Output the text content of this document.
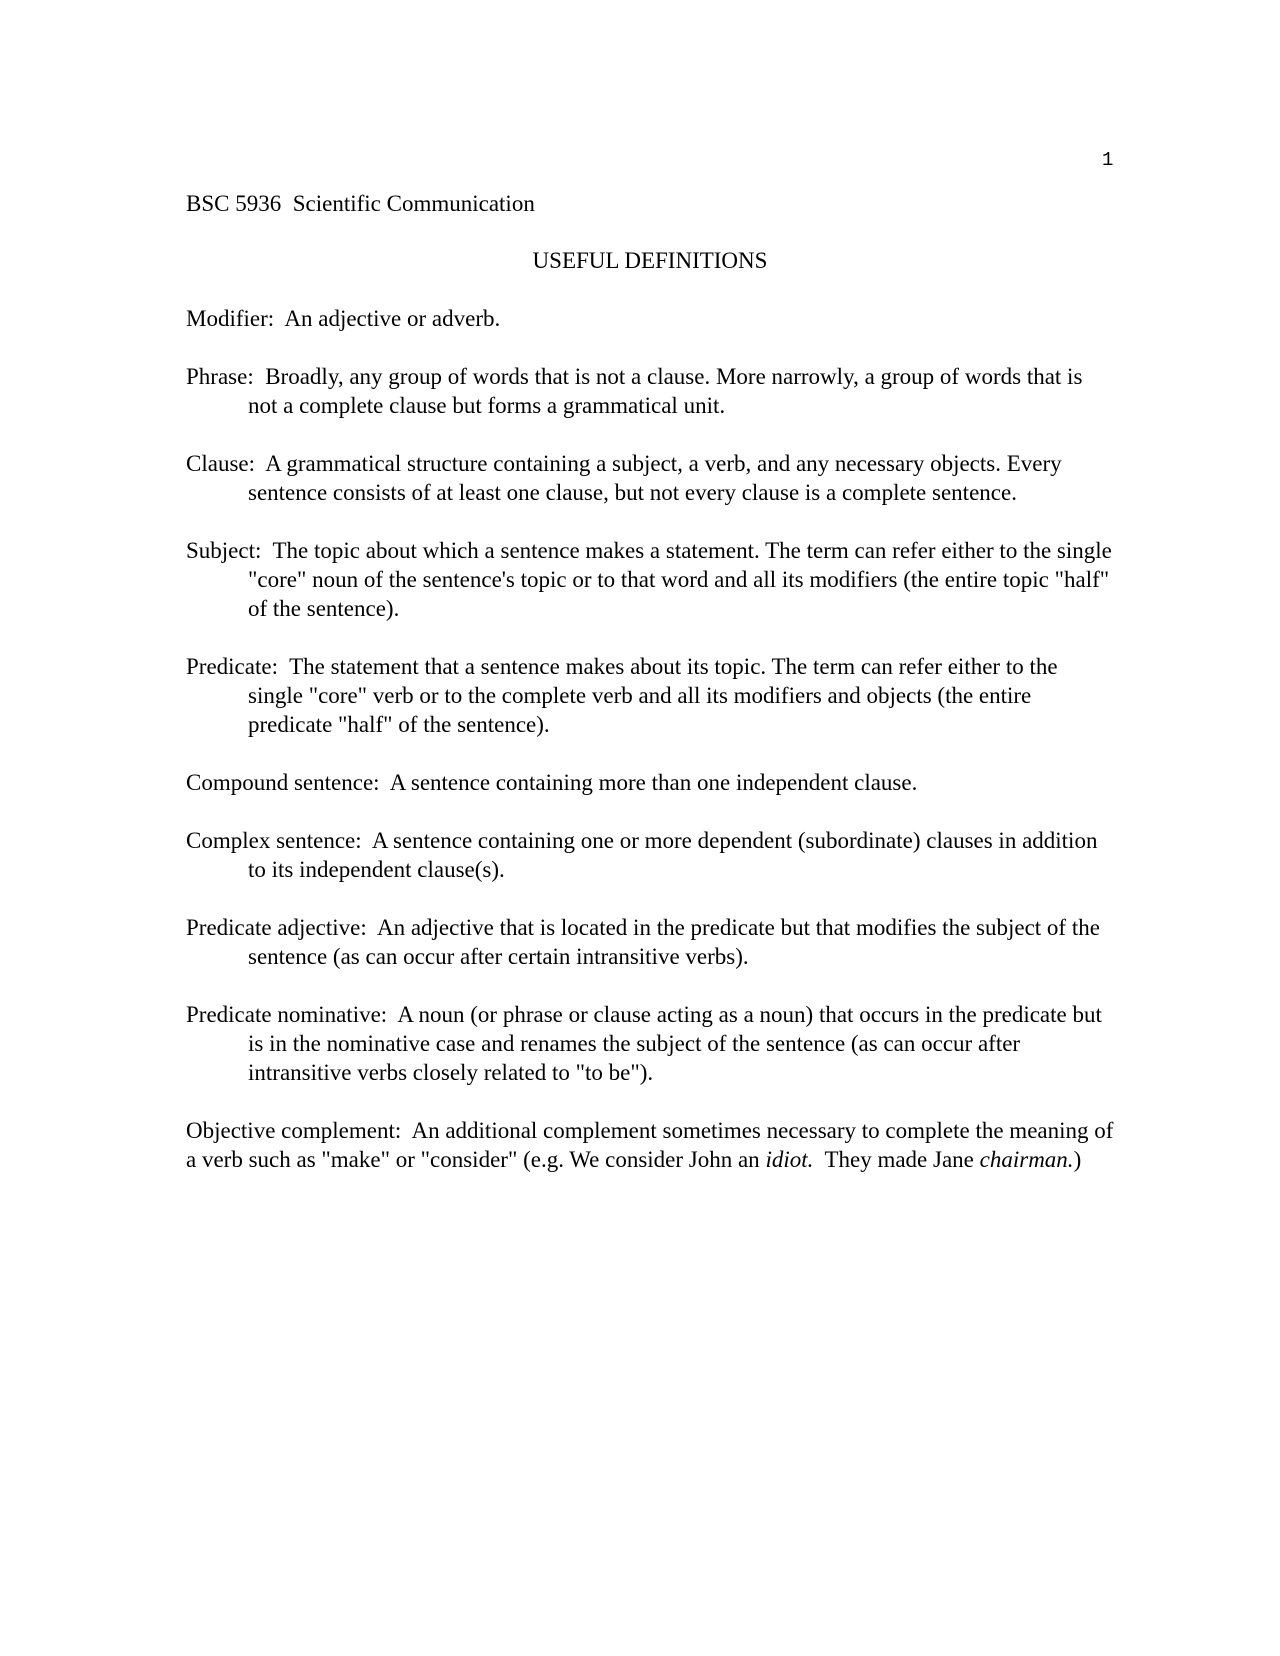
1
BSC 5936  Scientific Communication
USEFUL DEFINITIONS

Modifier: An adjective or adverb.

Phrase: Broadly, any group of words that is not a clause. More narrowly, a group of words that is not a complete clause but forms a grammatical unit.

Clause: A grammatical structure containing a subject, a verb, and any necessary objects. Every sentence consists of at least one clause, but not every clause is a complete sentence.

Subject: The topic about which a sentence makes a statement. The term can refer either to the single "core" noun of the sentence's topic or to that word and all its modifiers (the entire topic "half" of the sentence).

Predicate: The statement that a sentence makes about its topic. The term can refer either to the single "core" verb or to the complete verb and all its modifiers and objects (the entire predicate "half" of the sentence).

Compound sentence: A sentence containing more than one independent clause.

Complex sentence: A sentence containing one or more dependent (subordinate) clauses in addition to its independent clause(s).

Predicate adjective: An adjective that is located in the predicate but that modifies the subject of the sentence (as can occur after certain intransitive verbs).

Predicate nominative: A noun (or phrase or clause acting as a noun) that occurs in the predicate but is in the nominative case and renames the subject of the sentence (as can occur after intransitive verbs closely related to "to be").

Objective complement: An additional complement sometimes necessary to complete the meaning of a verb such as "make" or "consider" (e.g. We consider John an idiot.  They made Jane chairman.)
